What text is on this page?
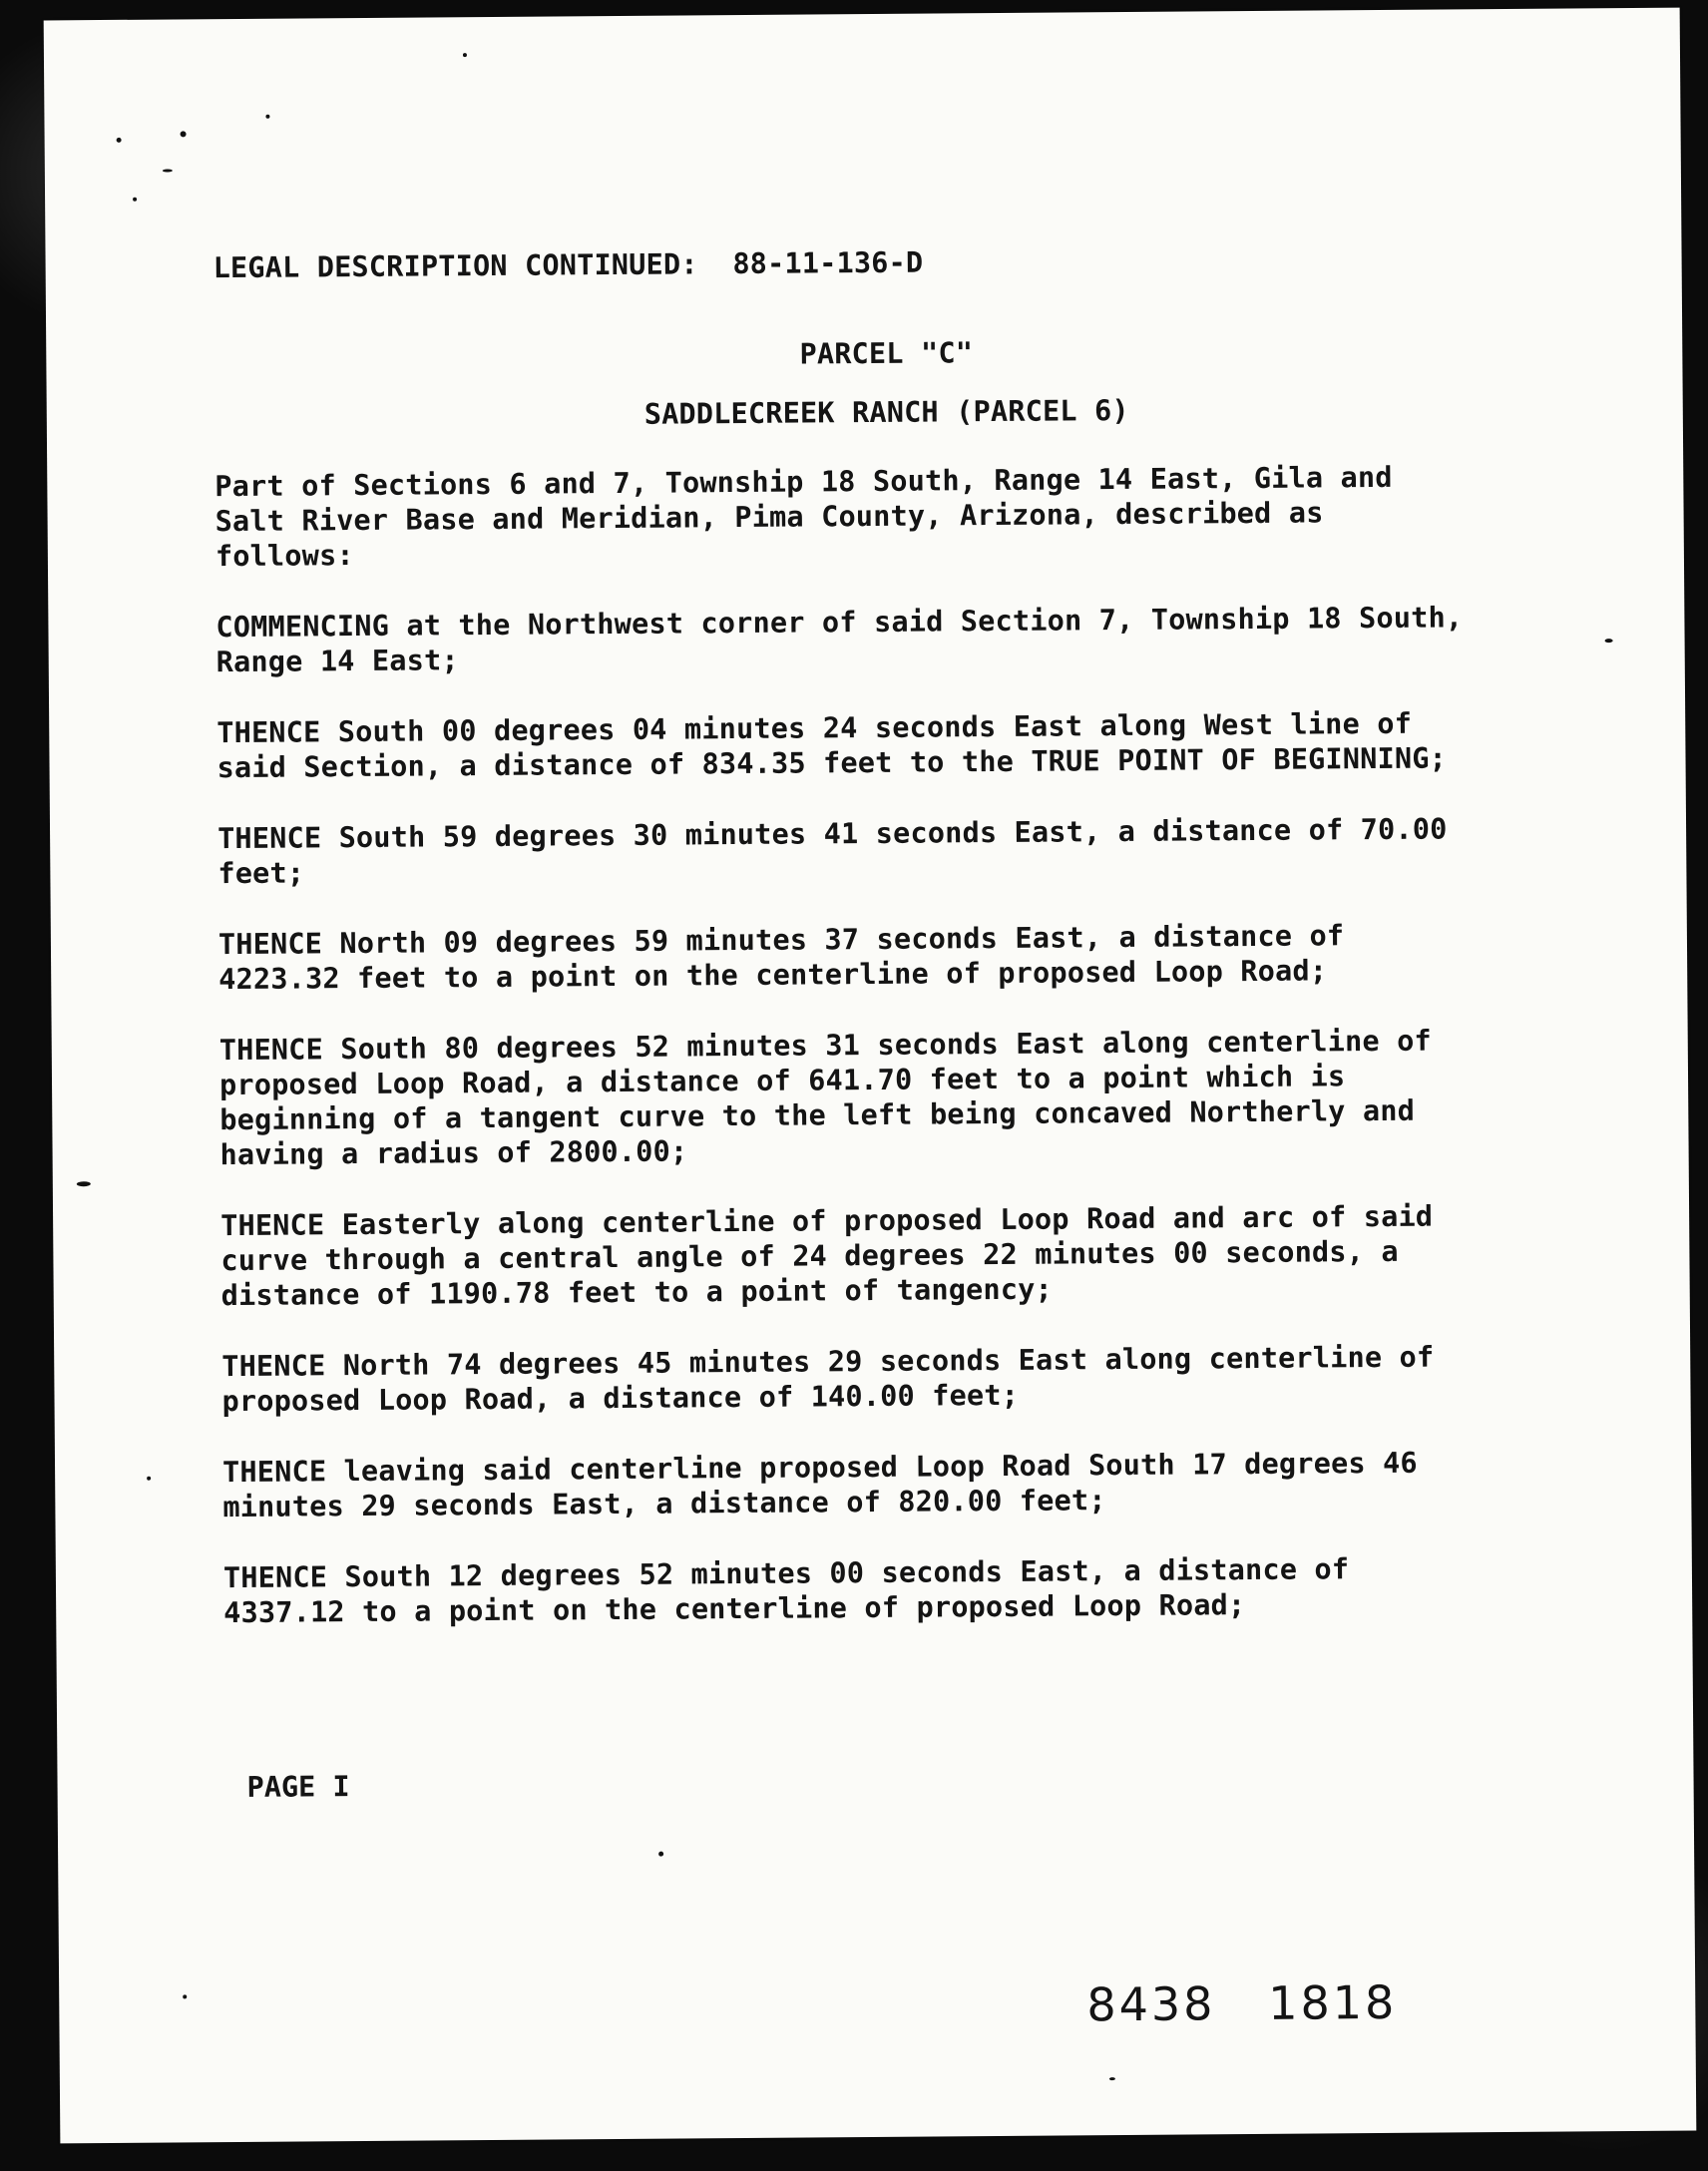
LEGAL DESCRIPTION CONTINUED: 88-11-136-D
PARCEL "C"
SADDLECREEK RANCH (PARCEL 6)
Part of Sections 6 and 7, Township 18 South, Range 14 East, Gila and Salt River Base and Meridian, Pima County, Arizona, described as follows:
COMMENCING at the Northwest corner of said Section 7, Township 18 South, Range 14 East;
THENCE South 00 degrees 04 minutes 24 seconds East along West line of said Section, a distance of 834.35 feet to the TRUE POINT OF BEGINNING;
THENCE South 59 degrees 30 minutes 41 seconds East, a distance of 70.00 feet;
THENCE North 09 degrees 59 minutes 37 seconds East, a distance of 4223.32 feet to a point on the centerline of proposed Loop Road;
THENCE South 80 degrees 52 minutes 31 seconds East along centerline of proposed Loop Road, a distance of 641.70 feet to a point which is beginning of a tangent curve to the left being concaved Northerly and having a radius of 2800.00;
THENCE Easterly along centerline of proposed Loop Road and arc of said curve through a central angle of 24 degrees 22 minutes 00 seconds, a distance of 1190.78 feet to a point of tangency;
THENCE North 74 degrees 45 minutes 29 seconds East along centerline of proposed Loop Road, a distance of 140.00 feet;
THENCE leaving said centerline proposed Loop Road South 17 degrees 46 minutes 29 seconds East, a distance of 820.00 feet;
THENCE South 12 degrees 52 minutes 00 seconds East, a distance of 4337.12 to a point on the centerline of proposed Loop Road;
PAGE I
8438   1818
